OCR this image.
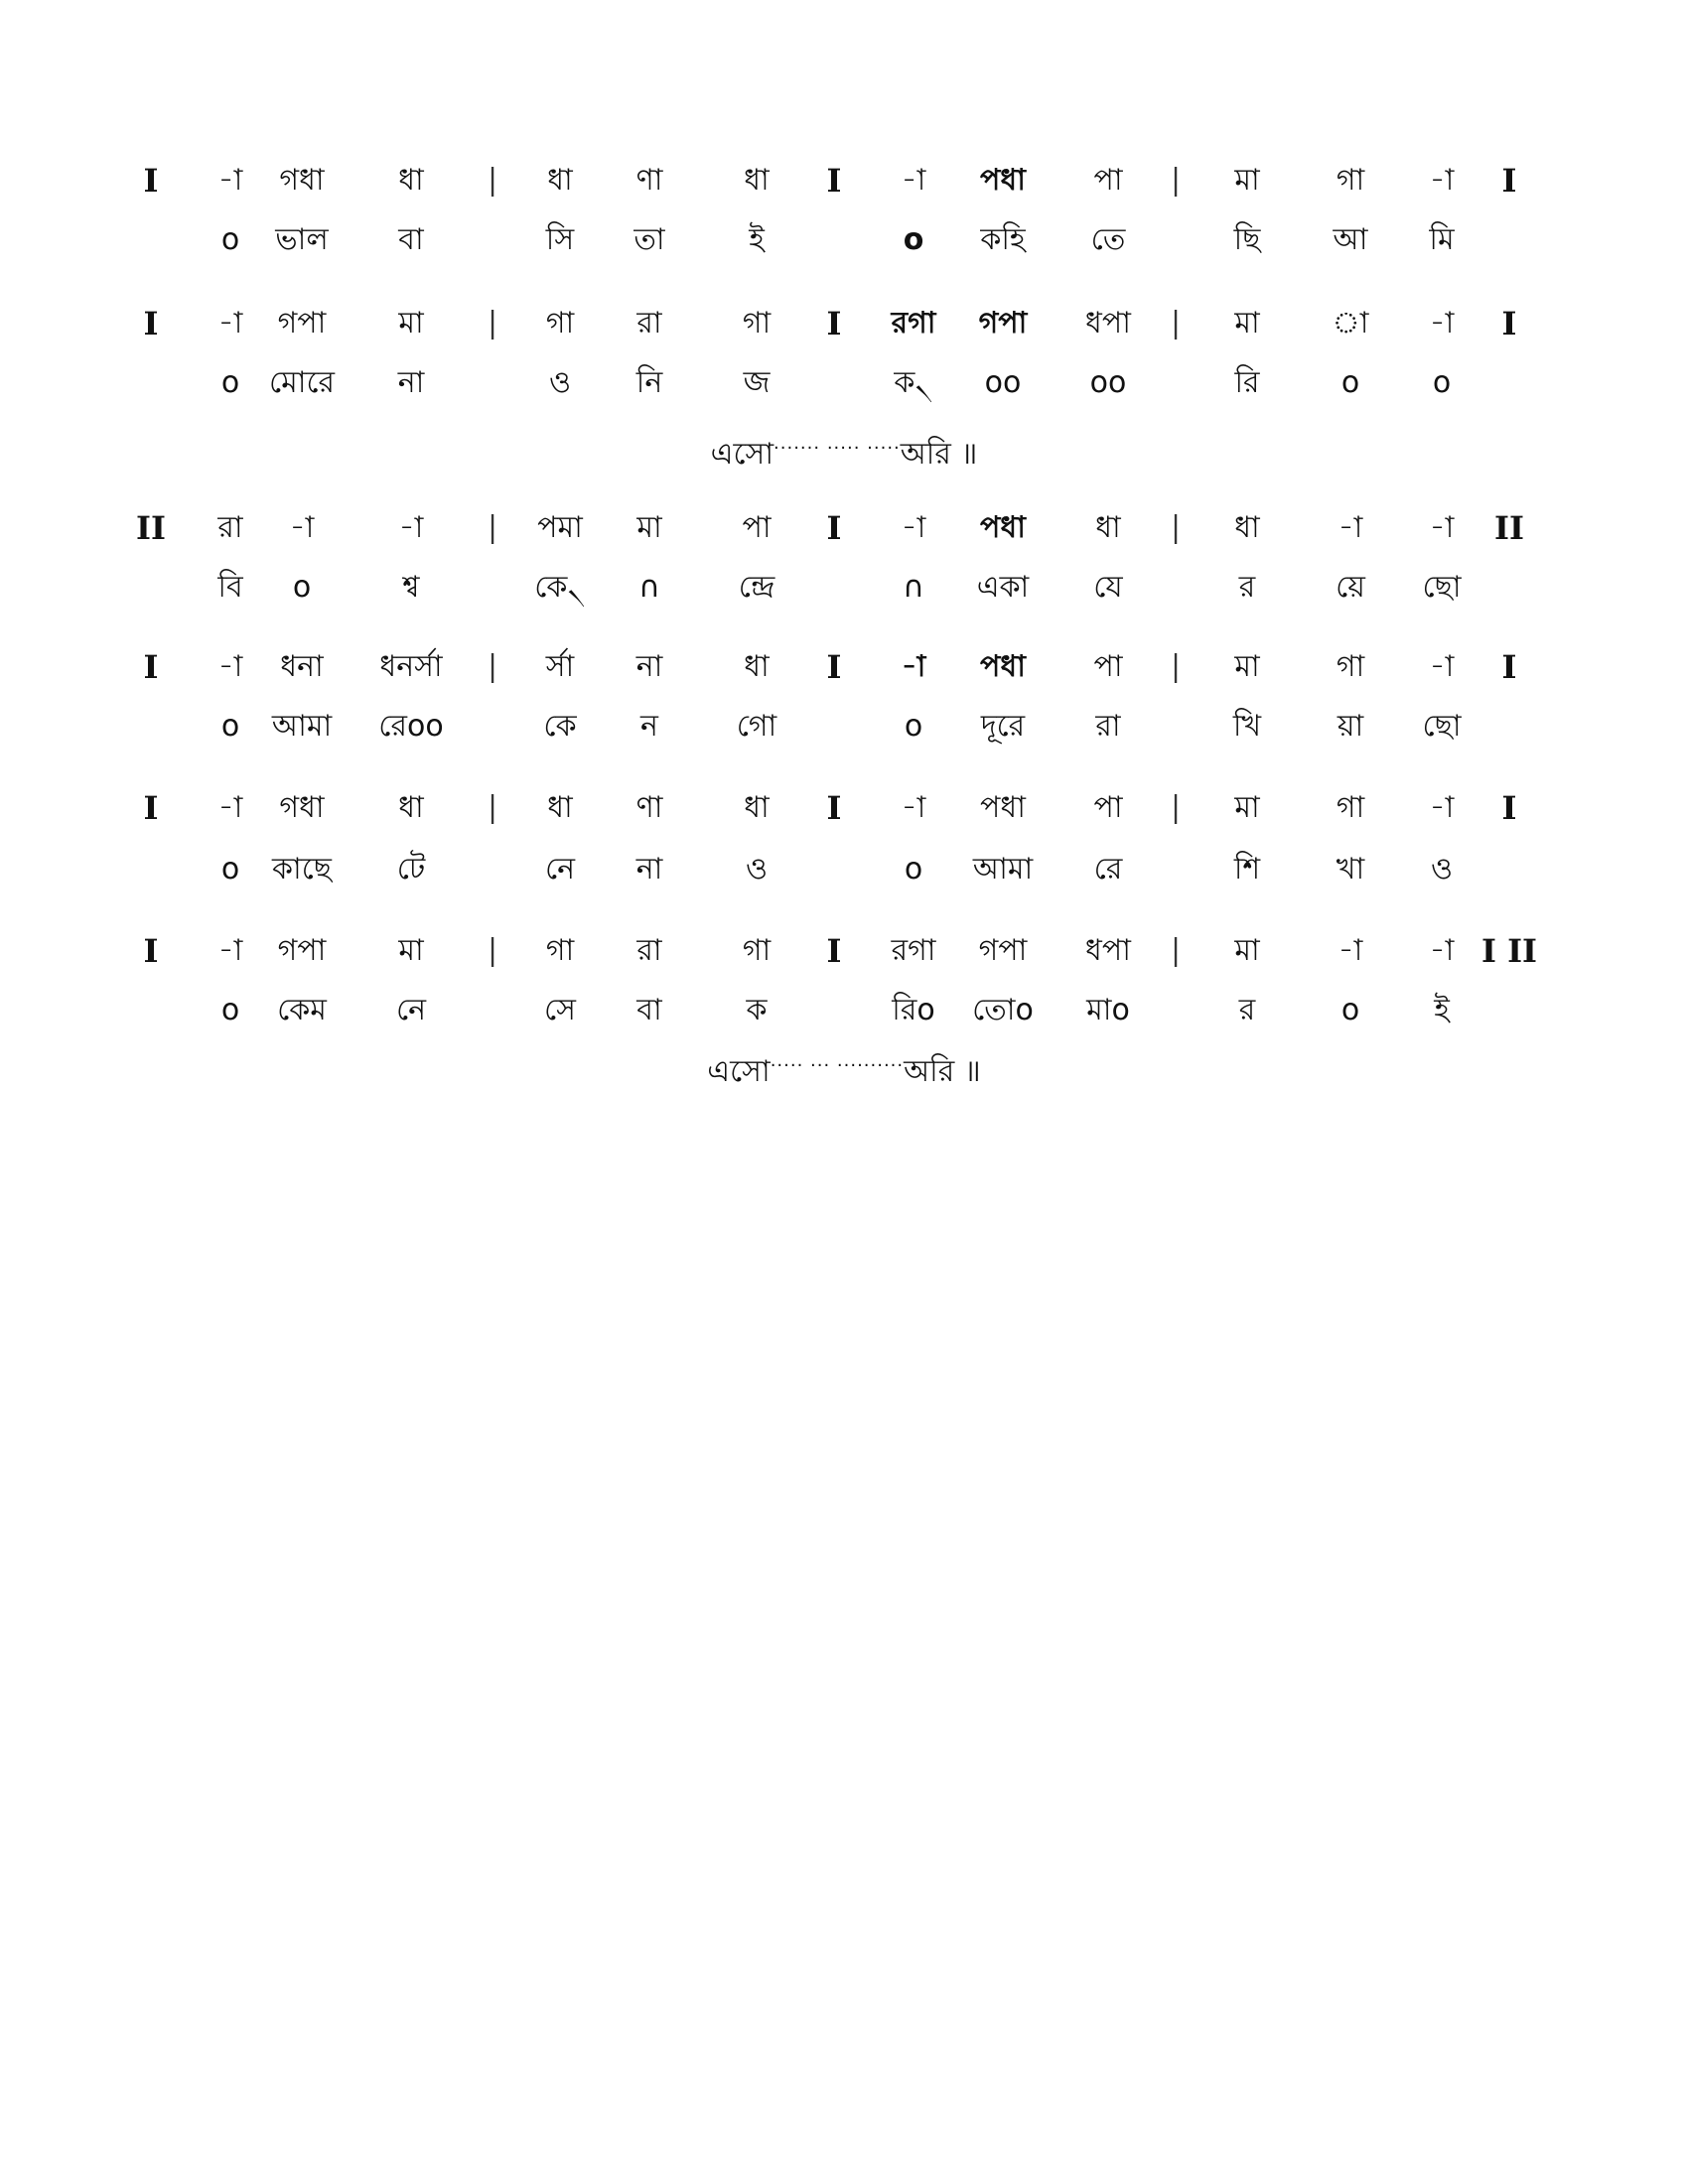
I -া গধা ধা | ধা ণা	ধা I -া পধা পা | মা	গা -া I
o ভাল বা	সি তা	ই	o কহি তে	ছি আ মি
I -া গপা মা | গা রা	গা I রগা গপা ধপা | মা া -া I
o মোরে না	ও নি	জ	ক৲ oo oo	রি	o o
এসো······· ····· ·····অরি ॥
II রা -া	-া | পমা মা	পা I -া পধা ধা | ধা	-া -া II
বি o	শ্ব	কে৲ ∩	ন্দ্রে	∩ একা যে	র	য়ে ছো
I -া ধনা ধনর্সা | র্সা না	ধা I -া পধা পা | মা	গা -া I
o আমা রেoo	কে ন	গো	o দূরে রা	খি	য়া ছো
I -া গধা ধা | ধা ণা	ধা I -া পধা পা | মা	গা -া I
o কাছে টে	নে না	ও	o আমা রে	শি	খা ও
I -া গপা মা | গা রা	গা I রগা গপা ধপা | মা	-া -া I II
o কেম নে	সে বা	ক	রিo তোo মাo	র	o	ই
এসো····· ··· ··········অরি ॥
